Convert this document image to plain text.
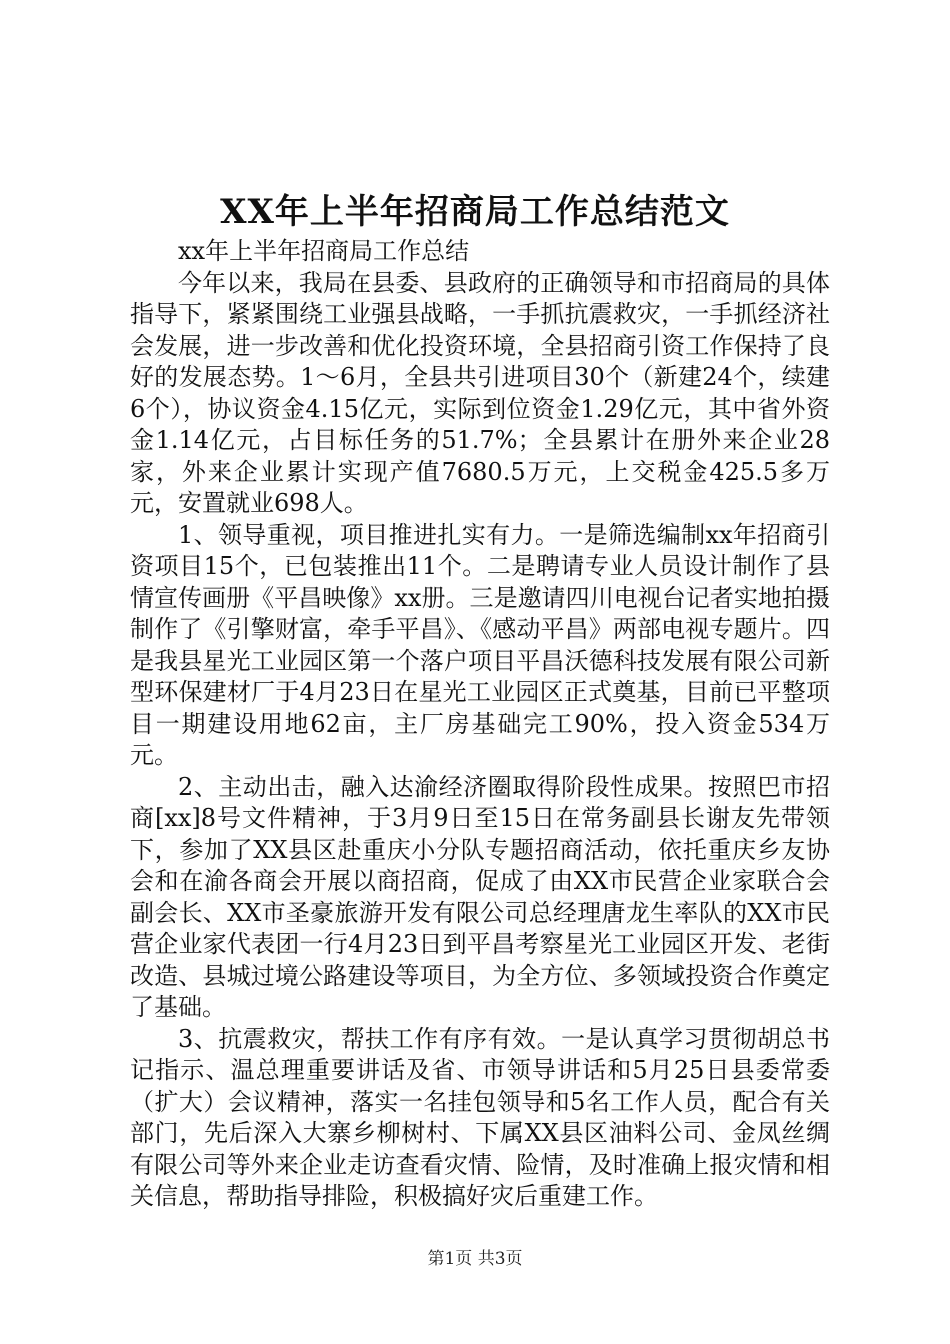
XX年上半年招商局工作总结范文

xx年上半年招商局工作总结

今年以来，我局在县委、县政府的正确领导和市招商局的具体指导下，紧紧围绕工业强县战略，一手抓抗震救灾，一手抓经济社会发展，进一步改善和优化投资环境，全县招商引资工作保持了良好的发展态势。1～6月，全县共引进项目30个（新建24个，续建6个），协议资金4.15亿元，实际到位资金1.29亿元，其中省外资金1.14亿元，占目标任务的51.7%；全县累计在册外来企业28家，外来企业累计实现产值7680.5万元，上交税金425.5多万元，安置就业698人。

1、领导重视，项目推进扎实有力。一是筛选编制xx年招商引资项目15个，已包装推出11个。二是聘请专业人员设计制作了县情宣传画册《平昌映像》xx册。三是邀请四川电视台记者实地拍摄制作了《引擎财富，牵手平昌》、《感动平昌》两部电视专题片。四是我县星光工业园区第一个落户项目平昌沃德科技发展有限公司新型环保建材厂于4月23日在星光工业园区正式奠基，目前已平整项目一期建设用地62亩，主厂房基础完工90%，投入资金534万元。

2、主动出击，融入达渝经济圈取得阶段性成果。按照巴市招商[xx]8号文件精神，于3月9日至15日在常务副县长谢友先带领下，参加了XX县区赴重庆小分队专题招商活动，依托重庆乡友协会和在渝各商会开展以商招商，促成了由XX市民营企业家联合会副会长、XX市圣豪旅游开发有限公司总经理唐龙生率队的XX市民营企业家代表团一行4月23日到平昌考察星光工业园区开发、老街改造、县城过境公路建设等项目，为全方位、多领域投资合作奠定了基础。

3、抗震救灾，帮扶工作有序有效。一是认真学习贯彻胡总书记指示、温总理重要讲话及省、市领导讲话和5月25日县委常委（扩大）会议精神，落实一名挂包领导和5名工作人员，配合有关部门，先后深入大寨乡柳树村、下属XX县区油料公司、金凤丝绸有限公司等外来企业走访查看灾情、险情，及时准确上报灾情和相关信息，帮助指导排险，积极搞好灾后重建工作。

第1页 共3页
